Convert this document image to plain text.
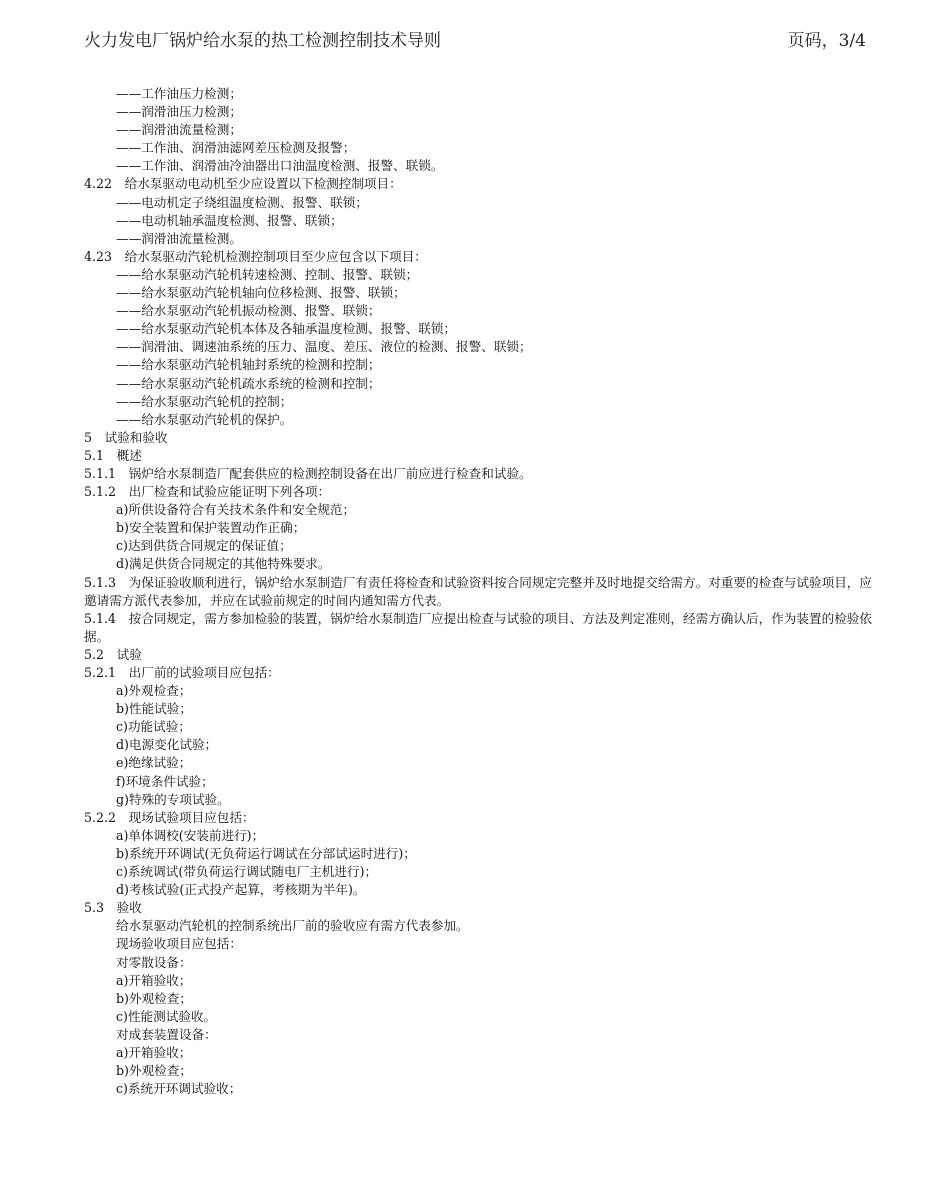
火力发电厂锅炉给水泵的热工检测控制技术导则	页码，3/4
——工作油压力检测；
——润滑油压力检测；
——润滑油流量检测；
——工作油、润滑油滤网差压检测及报警；
——工作油、润滑油冷油器出口油温度检测、报警、联锁。
4.22　给水泵驱动电动机至少应设置以下检测控制项目：
——电动机定子绕组温度检测、报警、联锁；
——电动机轴承温度检测、报警、联锁；
——润滑油流量检测。
4.23　给水泵驱动汽轮机检测控制项目至少应包含以下项目：
——给水泵驱动汽轮机转速检测、控制、报警、联锁；
——给水泵驱动汽轮机轴向位移检测、报警、联锁；
——给水泵驱动汽轮机振动检测、报警、联锁；
——给水泵驱动汽轮机本体及各轴承温度检测、报警、联锁；
——润滑油、调速油系统的压力、温度、差压、液位的检测、报警、联锁；
——给水泵驱动汽轮机轴封系统的检测和控制；
——给水泵驱动汽轮机疏水系统的检测和控制；
——给水泵驱动汽轮机的控制；
——给水泵驱动汽轮机的保护。
5　试验和验收
5.1　概述
5.1.1　锅炉给水泵制造厂配套供应的检测控制设备在出厂前应进行检查和试验。
5.1.2　出厂检查和试验应能证明下列各项：
a)所供设备符合有关技术条件和安全规范；
b)安全装置和保护装置动作正确；
c)达到供货合同规定的保证值；
d)满足供货合同规定的其他特殊要求。
5.1.3　为保证验收顺利进行，锅炉给水泵制造厂有责任将检查和试验资料按合同规定完整并及时地提交给需方。对重要的检查与试验项目，应邀请需方派代表参加，并应在试验前规定的时间内通知需方代表。
5.1.4　按合同规定，需方参加检验的装置，锅炉给水泵制造厂应提出检查与试验的项目、方法及判定准则，经需方确认后，作为装置的检验依据。
5.2　试验
5.2.1　出厂前的试验项目应包括：
a)外观检查；
b)性能试验；
c)功能试验；
d)电源变化试验；
e)绝缘试验；
f)环境条件试验；
g)特殊的专项试验。
5.2.2　现场试验项目应包括：
a)单体调校(安装前进行)；
b)系统开环调试(无负荷运行调试在分部试运时进行)；
c)系统调试(带负荷运行调试随电厂主机进行)；
d)考核试验(正式投产起算，考核期为半年)。
5.3　验收
给水泵驱动汽轮机的控制系统出厂前的验收应有需方代表参加。
现场验收项目应包括：
对零散设备：
a)开箱验收；
b)外观检查；
c)性能测试验收。
对成套装置设备：
a)开箱验收；
b)外观检查；
c)系统开环调试验收；
